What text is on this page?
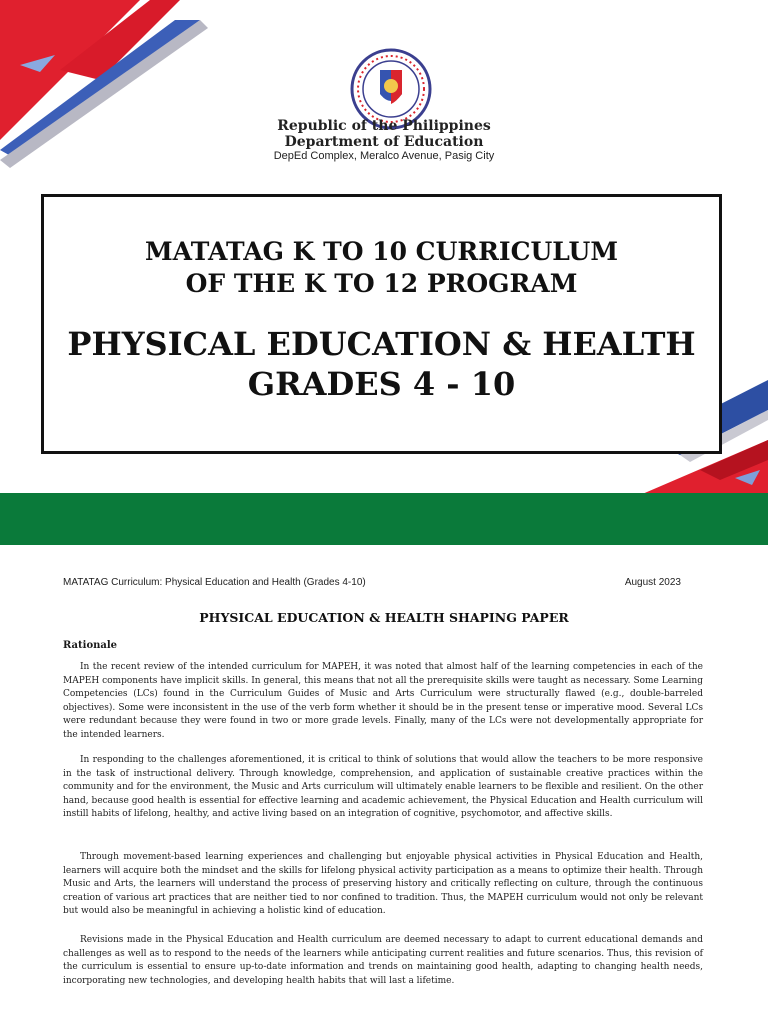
Republic of the Philippines
Department of Education
DepEd Complex, Meralco Avenue, Pasig City
MATATAG K TO 10 CURRICULUM
OF THE K TO 12 PROGRAM
PHYSICAL EDUCATION & HEALTH
GRADES 4 - 10
MATATAG Curriculum: Physical Education and Health (Grades 4-10)	August 2023
PHYSICAL EDUCATION & HEALTH SHAPING PAPER
Rationale
In the recent review of the intended curriculum for MAPEH, it was noted that almost half of the learning competencies in each of the MAPEH components have implicit skills. In general, this means that not all the prerequisite skills were taught as necessary. Some Learning Competencies (LCs) found in the Curriculum Guides of Music and Arts Curriculum were structurally flawed (e.g., double-barreled objectives). Some were inconsistent in the use of the verb form whether it should be in the present tense or imperative mood. Several LCs were redundant because they were found in two or more grade levels. Finally, many of the LCs were not developmentally appropriate for the intended learners.
In responding to the challenges aforementioned, it is critical to think of solutions that would allow the teachers to be more responsive in the task of instructional delivery. Through knowledge, comprehension, and application of sustainable creative practices within the community and for the environment, the Music and Arts curriculum will ultimately enable learners to be flexible and resilient. On the other hand, because good health is essential for effective learning and academic achievement, the Physical Education and Health curriculum will instill habits of lifelong, healthy, and active living based on an integration of cognitive, psychomotor, and affective skills.
Through movement-based learning experiences and challenging but enjoyable physical activities in Physical Education and Health, learners will acquire both the mindset and the skills for lifelong physical activity participation as a means to optimize their health. Through Music and Arts, the learners will understand the process of preserving history and critically reflecting on culture, through the continuous creation of various art practices that are neither tied to nor confined to tradition. Thus, the MAPEH curriculum would not only be relevant but would also be meaningful in achieving a holistic kind of education.
Revisions made in the Physical Education and Health curriculum are deemed necessary to adapt to current educational demands and challenges as well as to respond to the needs of the learners while anticipating current realities and future scenarios. Thus, this revision of the curriculum is essential to ensure up-to-date information and trends on maintaining good health, adapting to changing health needs, incorporating new technologies, and developing health habits that will last a lifetime.
